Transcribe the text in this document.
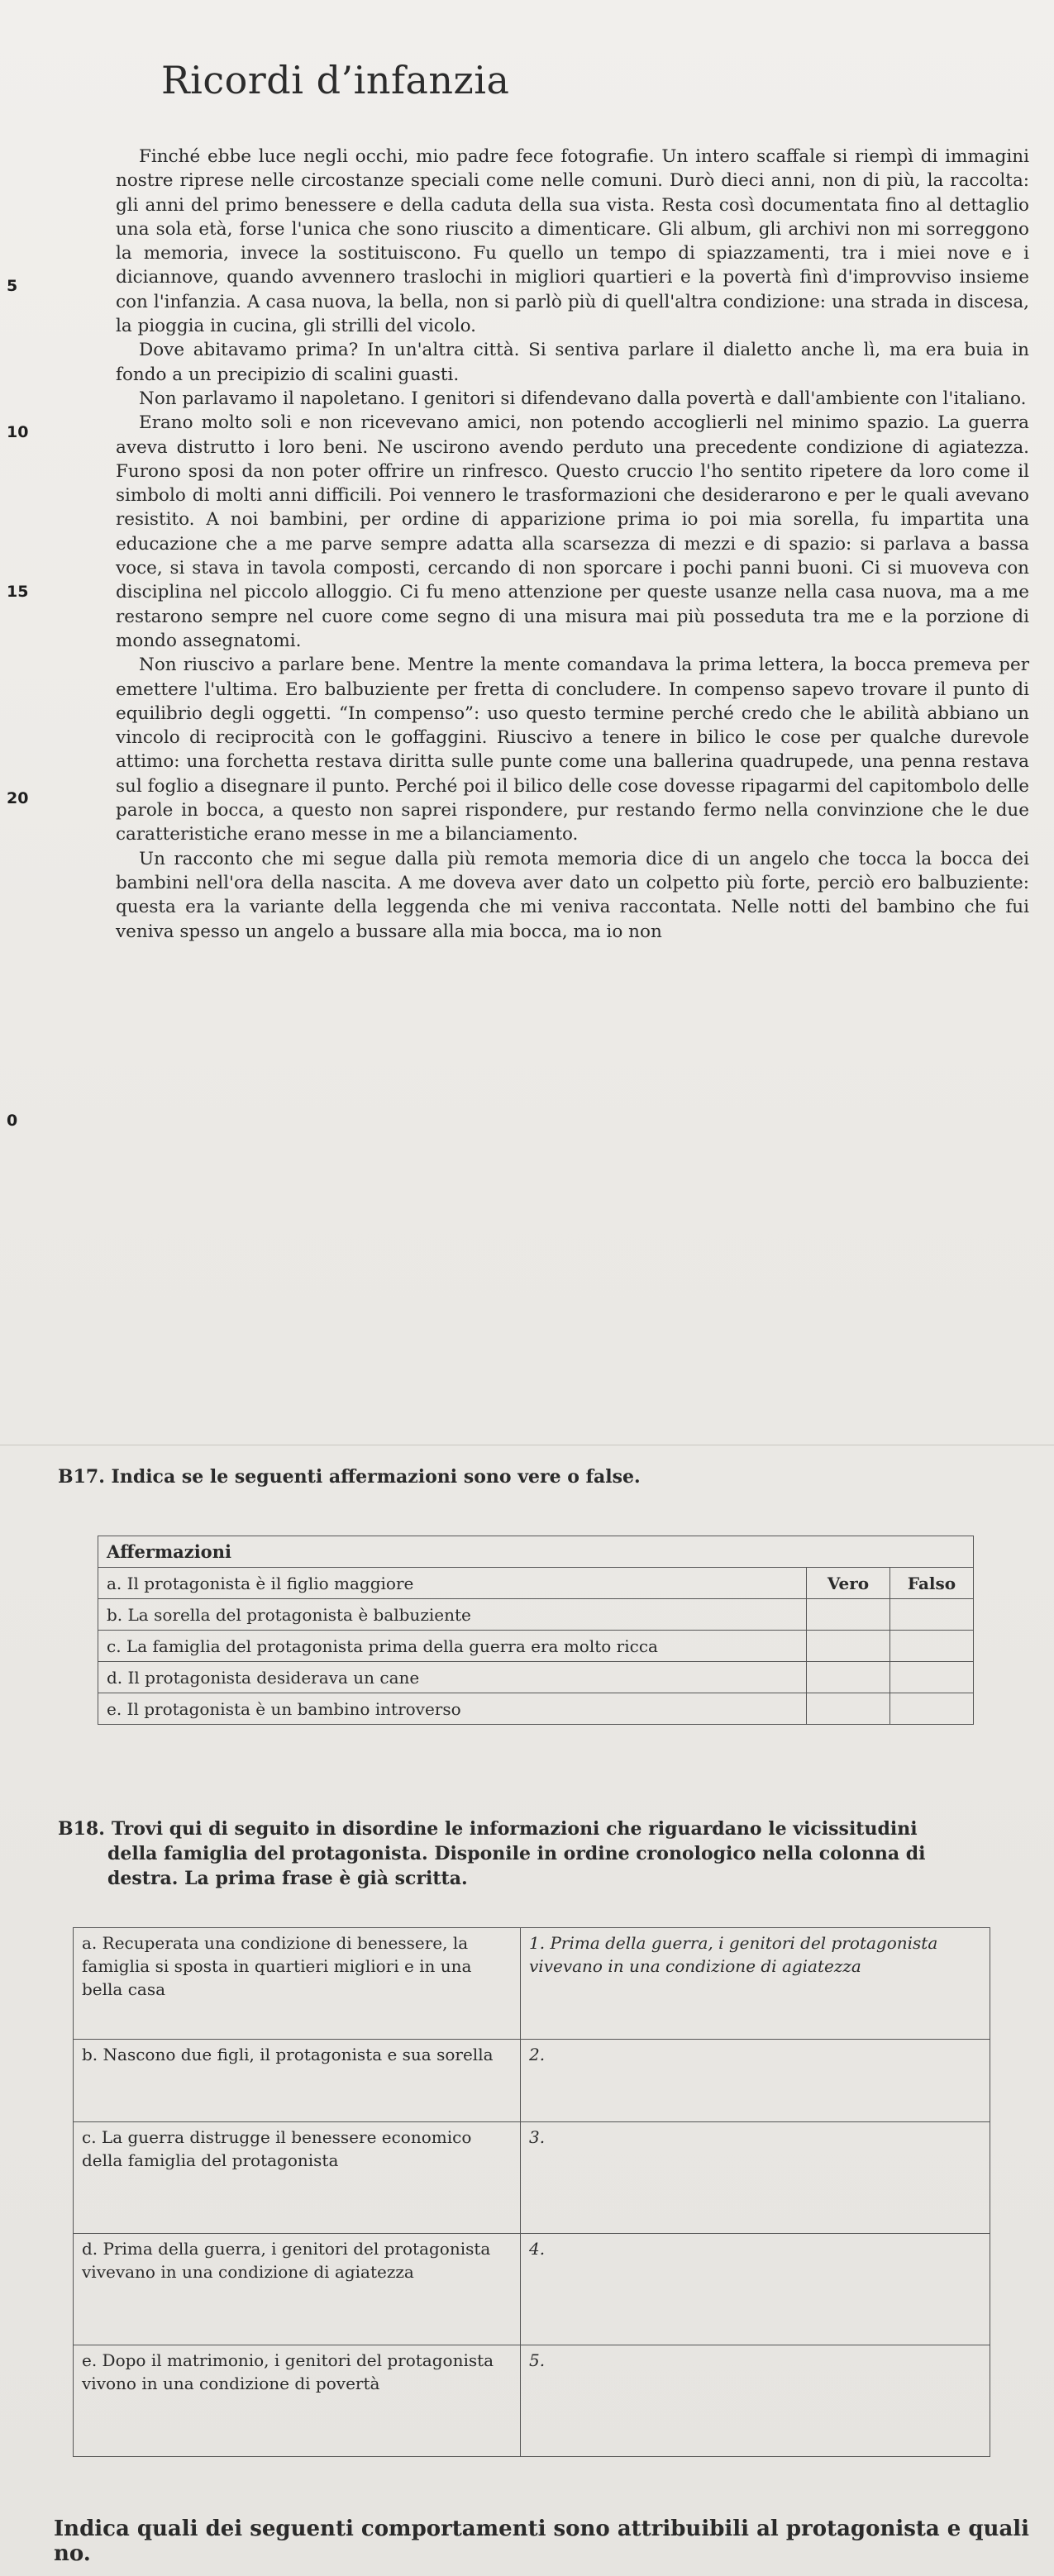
Ricordi d’infanzia
5
10
15
20
0

Finché ebbe luce negli occhi, mio padre fece fotografie. Un intero scaffale si riempì di immagini nostre riprese nelle circostanze speciali come nelle comuni. Durò dieci anni, non di più, la raccolta: gli anni del primo benessere e della caduta della sua vista. Resta così documentata fino al dettaglio una sola età, forse l'unica che sono riuscito a dimenticare. Gli album, gli archivi non mi sorreggono la memoria, invece la sostituiscono. Fu quello un tempo di spiazzamenti, tra i miei nove e i diciannove, quando avvennero traslochi in migliori quartieri e la povertà finì d'improvviso insieme con l'infanzia. A casa nuova, la bella, non si parlò più di quell'altra condizione: una strada in discesa, la pioggia in cucina, gli strilli del vicolo.

Dove abitavamo prima? In un'altra città. Si sentiva parlare il dialetto anche lì, ma era buia in fondo a un precipizio di scalini guasti.

Non parlavamo il napoletano. I genitori si difendevano dalla povertà e dall'ambiente con l'italiano.

Erano molto soli e non ricevevano amici, non potendo accoglierli nel minimo spazio. La guerra aveva distrutto i loro beni. Ne uscirono avendo perduto una precedente condizione di agiatezza. Furono sposi da non poter offrire un rinfresco. Questo cruccio l'ho sentito ripetere da loro come il simbolo di molti anni difficili. Poi vennero le trasformazioni che desiderarono e per le quali avevano resistito. A noi bambini, per ordine di apparizione prima io poi mia sorella, fu impartita una educazione che a me parve sempre adatta alla scarsezza di mezzi e di spazio: si parlava a bassa voce, si stava in tavola composti, cercando di non sporcare i pochi panni buoni. Ci si muoveva con disciplina nel piccolo alloggio. Ci fu meno attenzione per queste usanze nella casa nuova, ma a me restarono sempre nel cuore come segno di una misura mai più posseduta tra me e la porzione di mondo assegnatomi.

Non riuscivo a parlare bene. Mentre la mente comandava la prima lettera, la bocca premeva per emettere l'ultima. Ero balbuziente per fretta di concludere. In compenso sapevo trovare il punto di equilibrio degli oggetti. “In compenso”: uso questo termine perché credo che le abilità abbiano un vincolo di reciprocità con le goffaggini. Riuscivo a tenere in bilico le cose per qualche durevole attimo: una forchetta restava diritta sulle punte come una ballerina quadrupede, una penna restava sul foglio a disegnare il punto. Perché poi il bilico delle cose dovesse ripagarmi del capitombolo delle parole in bocca, a questo non saprei rispondere, pur restando fermo nella convinzione che le due caratteristiche erano messe in me a bilanciamento.

Un racconto che mi segue dalla più remota memoria dice di un angelo che tocca la bocca dei bambini nell'ora della nascita. A me doveva aver dato un colpetto più forte, perciò ero balbuziente: questa era la variante della leggenda che mi veniva raccontata. Nelle notti del bambino che fui veniva spesso un angelo a bussare alla mia bocca, ma io non

B17. Indica se le seguenti affermazioni sono vere o false.
Affermazioni		
a. Il protagonista è il figlio maggiore	Vero	Falso
b. La sorella del protagonista è balbuziente		
c. La famiglia del protagonista prima della guerra era molto ricca		
d. Il protagonista desiderava un cane		
e. Il protagonista è un bambino introverso		
B18. Trovi qui di seguito in disordine le informazioni che riguardano le vicissitudini
della famiglia del protagonista. Disponile in ordine cronologico nella colonna di
destra. La prima frase è già scritta.
a. Recuperata una condizione di benessere, la famiglia si sposta in quartieri migliori e in una bella casa	1. Prima della guerra, i genitori del protagonista vivevano in una condizione di agiatezza
b. Nascono due figli, il protagonista e sua sorella	2.
c. La guerra distrugge il benessere economico della famiglia del protagonista	3.
d. Prima della guerra, i genitori del protagonista vivevano in una condizione di agiatezza	4.
e. Dopo il matrimonio, i genitori del protagonista vivono in una condizione di povertà	5.
Indica quali dei seguenti comportamenti sono attribuibili al protagonista e quali no.
